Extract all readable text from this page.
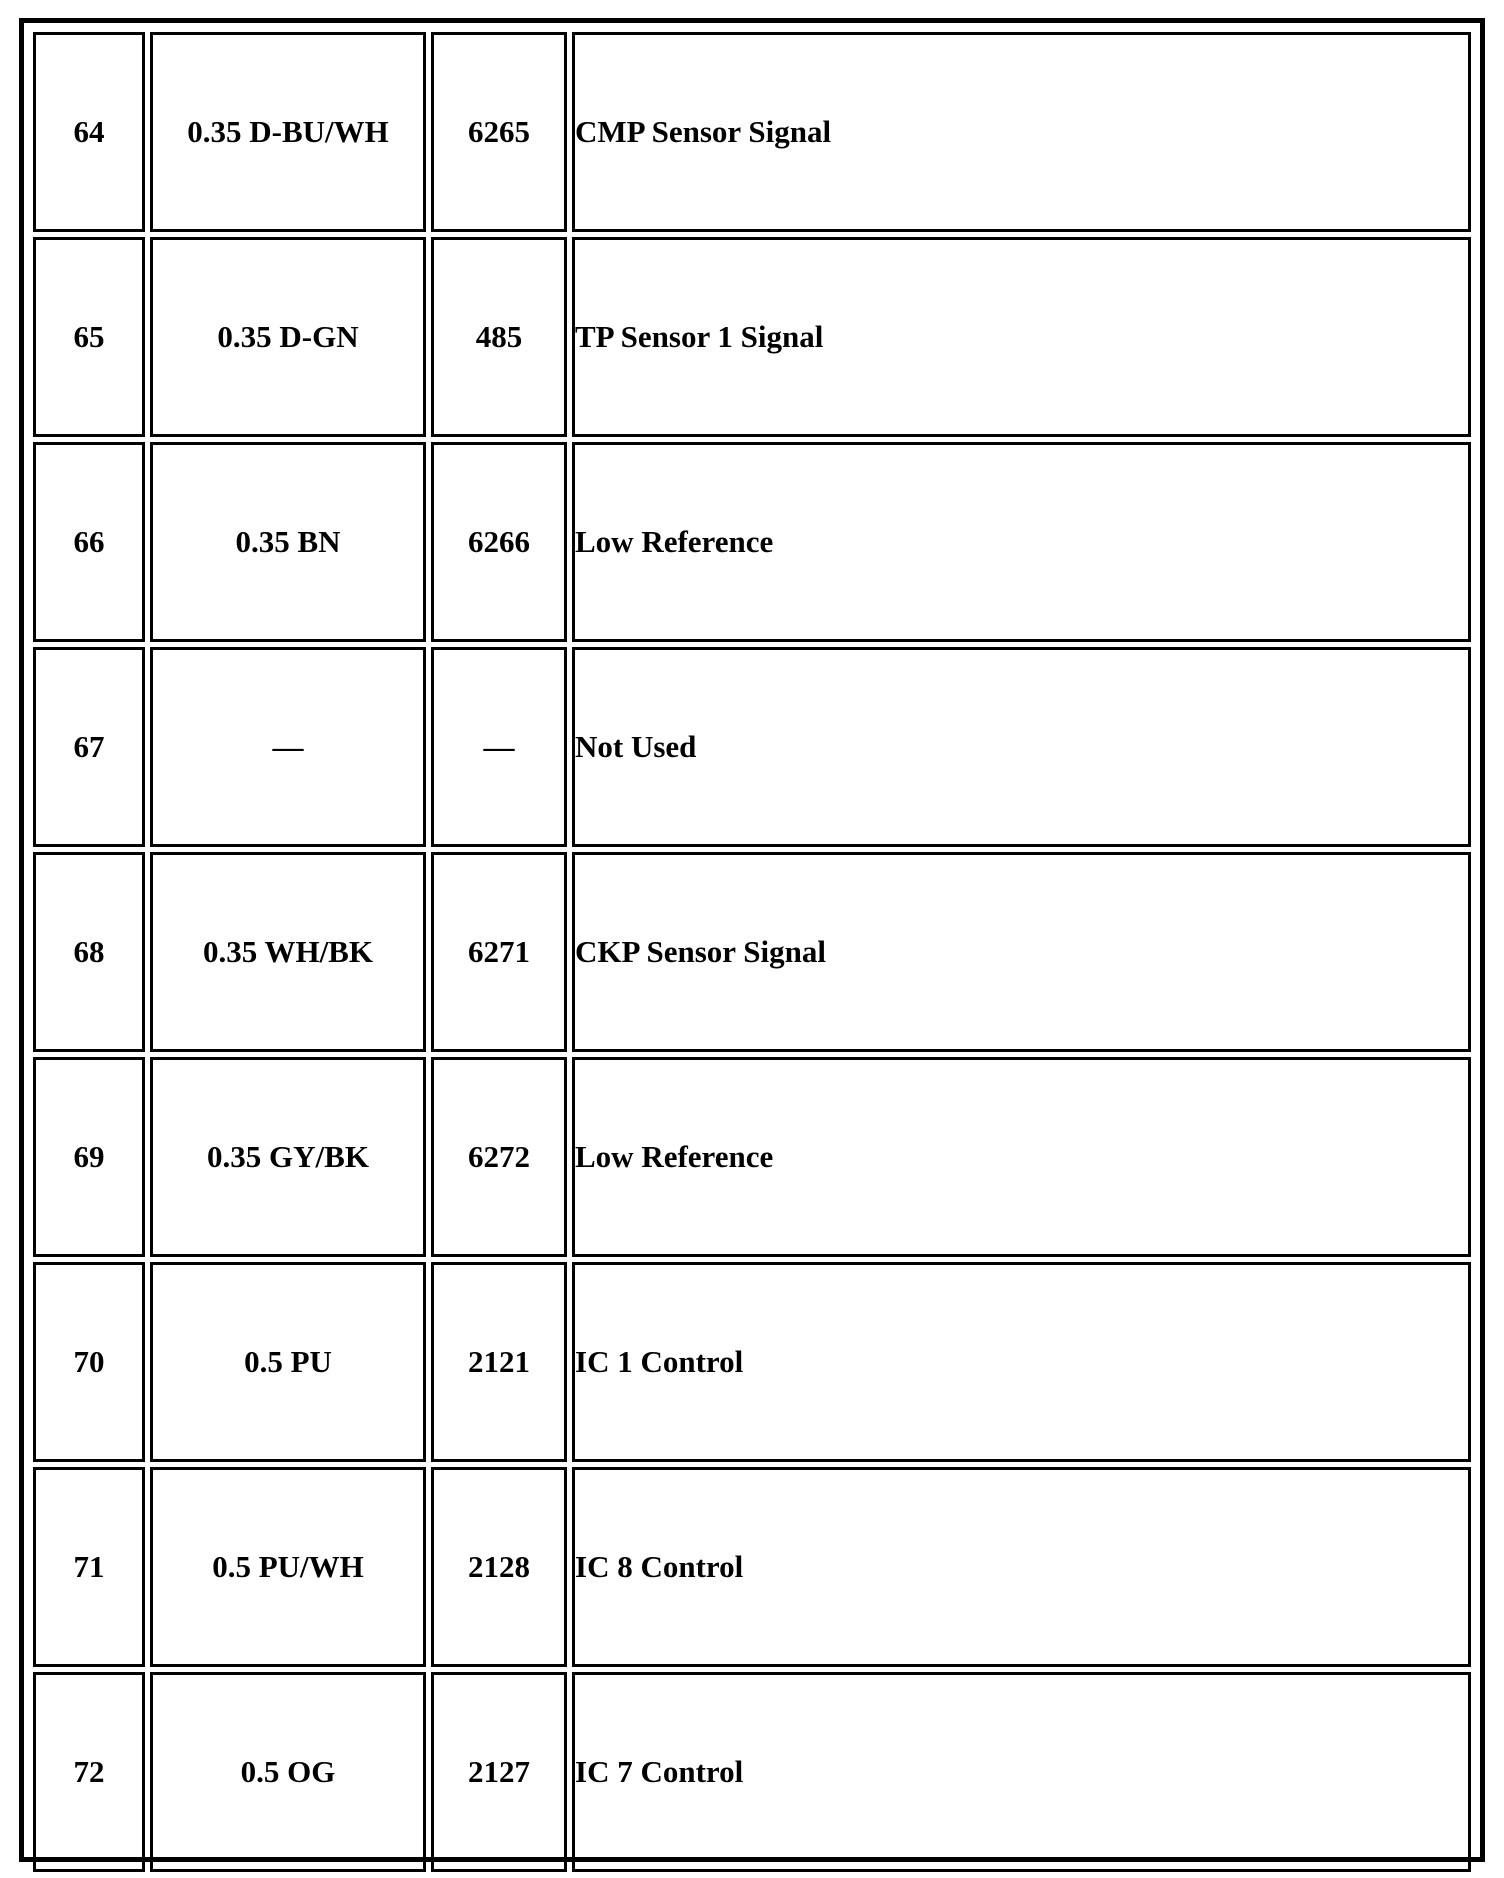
64	0.35 D-BU/WH	6265	CMP Sensor Signal
65	0.35 D-GN	485	TP Sensor 1 Signal
66	0.35 BN	6266	Low Reference
67	—	—	Not Used
68	0.35 WH/BK	6271	CKP Sensor Signal
69	0.35 GY/BK	6272	Low Reference
70	0.5 PU	2121	IC 1 Control
71	0.5 PU/WH	2128	IC 8 Control
72	0.5 OG	2127	IC 7 Control
